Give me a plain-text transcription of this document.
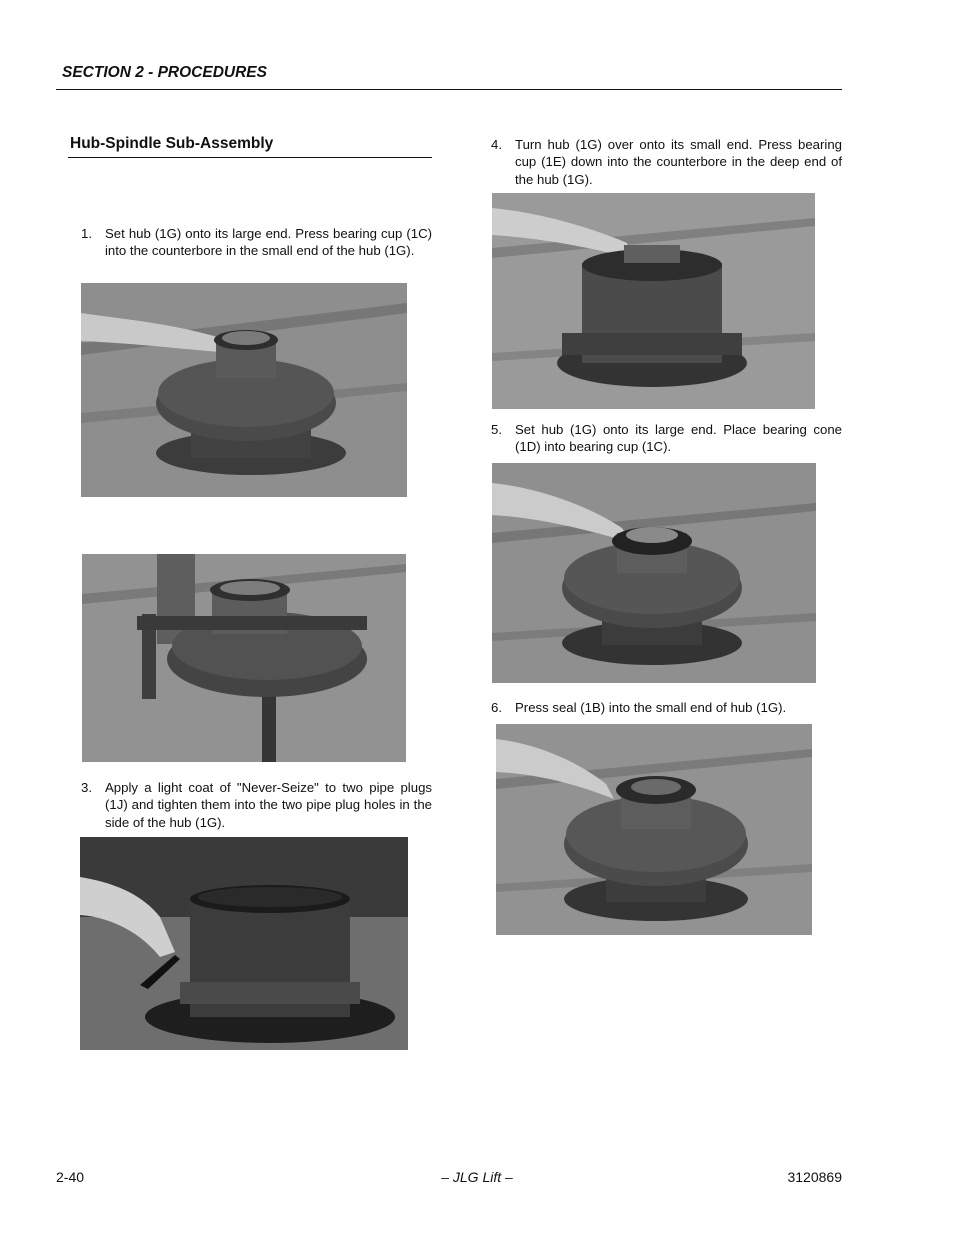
SECTION 2 - PROCEDURES
Hub-Spindle Sub-Assembly
1. Set hub (1G) onto its large end. Press bearing cup (1C) into the counterbore in the small end of the hub (1G).
3. Apply a light coat of "Never-Seize" to two pipe plugs (1J) and tighten them into the two pipe plug holes in the side of the hub (1G).
4. Turn hub (1G) over onto its small end. Press bearing cup (1E) down into the counterbore in the deep end of the hub (1G).
5. Set hub (1G) onto its large end. Place bearing cone (1D) into bearing cup (1C).
6. Press seal (1B) into the small end of hub (1G).
2-40	– JLG Lift –	3120869
